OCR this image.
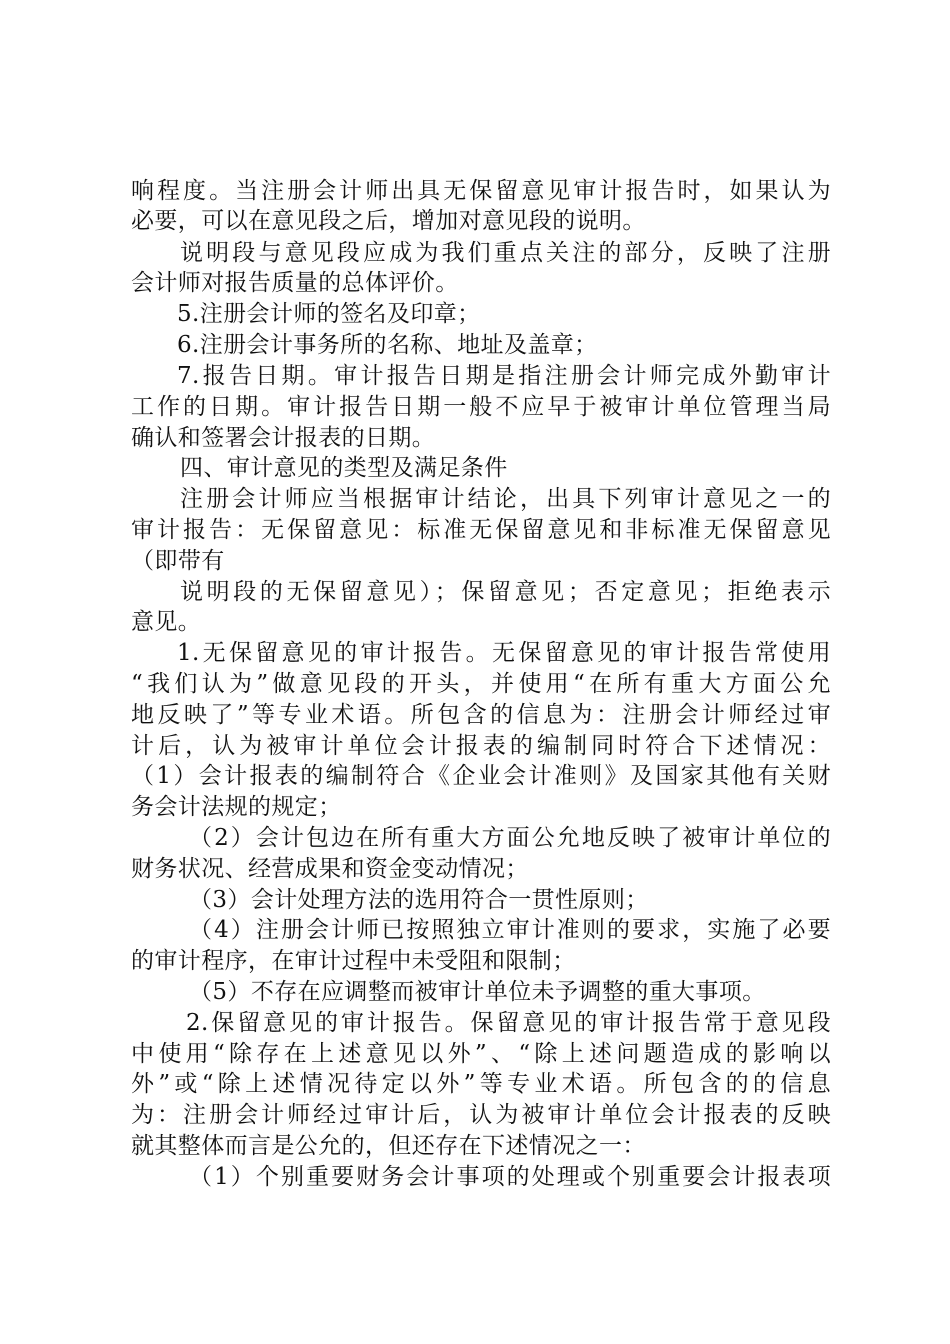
响程度。当注册会计师出具无保留意见审计报告时，如果认为
必要，可以在意见段之后，增加对意见段的说明。
说明段与意见段应成为我们重点关注的部分，反映了注册
会计师对报告质量的总体评价。
5.注册会计师的签名及印章；
6.注册会计事务所的名称、地址及盖章；
7.报告日期。审计报告日期是指注册会计师完成外勤审计
工作的日期。审计报告日期一般不应早于被审计单位管理当局
确认和签署会计报表的日期。
四、审计意见的类型及满足条件
注册会计师应当根据审计结论，出具下列审计意见之一的
审计报告：无保留意见：标准无保留意见和非标准无保留意见
（即带有
说明段的无保留意见）；保留意见；否定意见；拒绝表示
意见。
1.无保留意见的审计报告。无保留意见的审计报告常使用
“我们认为”做意见段的开头，并使用“在所有重大方面公允
地反映了”等专业术语。所包含的信息为：注册会计师经过审
计后，认为被审计单位会计报表的编制同时符合下述情况：
（1）会计报表的编制符合《企业会计准则》及国家其他有关财
务会计法规的规定；
（2）会计包边在所有重大方面公允地反映了被审计单位的
财务状况、经营成果和资金变动情况；
（3）会计处理方法的选用符合一贯性原则；
（4）注册会计师已按照独立审计准则的要求，实施了必要
的审计程序，在审计过程中未受阻和限制；
（5）不存在应调整而被审计单位未予调整的重大事项。
2.保留意见的审计报告。保留意见的审计报告常于意见段
中使用“除存在上述意见以外”、“除上述问题造成的影响以
外”或“除上述情况待定以外”等专业术语。所包含的的信息
为：注册会计师经过审计后，认为被审计单位会计报表的反映
就其整体而言是公允的，但还存在下述情况之一：
（1）个别重要财务会计事项的处理或个别重要会计报表项
